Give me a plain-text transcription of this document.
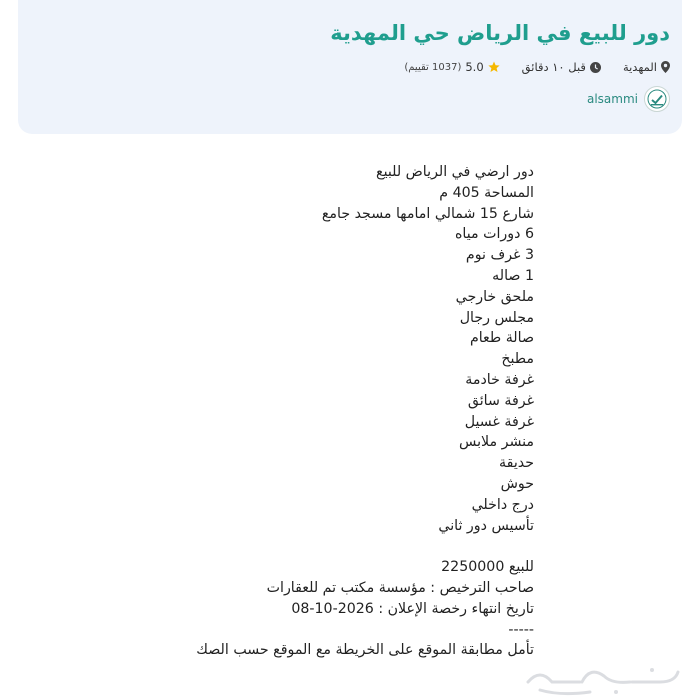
دور للبيع في الرياض حي المهدية
المهدية
قبل ١٠ دقائق
5.0
(1037 تقييم)
alsammi
دور ارضي في الرياض للبيع
المساحة 405 م
شارع 15 شمالي امامها مسجد جامع
6 دورات مياه
3 غرف نوم
1 صاله
ملحق خارجي
مجلس رجال
صالة طعام
مطبخ
غرفة خادمة
غرفة سائق
غرفة غسيل
منشر ملابس
حديقة
حوش
درج داخلي
تأسيس دور ثاني
للبيع 2250000
صاحب الترخيص : مؤسسة مكتب تم للعقارات
تاريخ انتهاء رخصة الإعلان : 2026-10-08
-----
تأمل مطابقة الموقع على الخريطة مع الموقع حسب الصك
